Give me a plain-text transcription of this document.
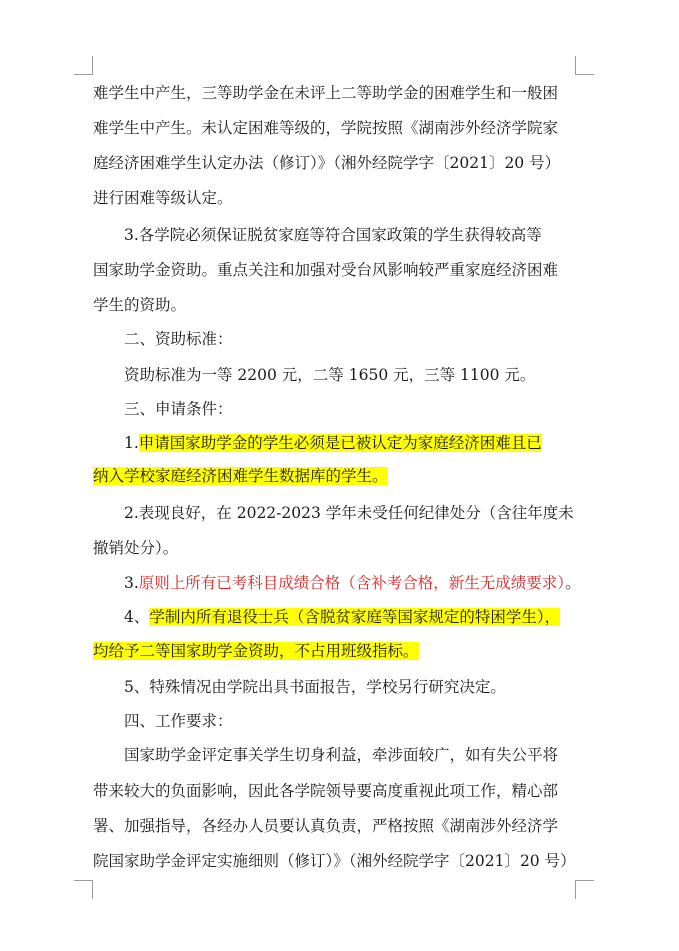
难学生中产生，三等助学金在未评上二等助学金的困难学生和一般困
难学生中产生。未认定困难等级的，学院按照《湖南涉外经济学院家
庭经济困难学生认定办法（修订）》（湘外经院学字〔2021〕20 号）
进行困难等级认定。
3.各学院必须保证脱贫家庭等符合国家政策的学生获得较高等
国家助学金资助。重点关注和加强对受台风影响较严重家庭经济困难
学生的资助。
二、资助标准：
资助标准为一等 2200 元，二等 1650 元，三等 1100 元。
三、申请条件：
1.申请国家助学金的学生必须是已被认定为家庭经济困难且已
纳入学校家庭经济困难学生数据库的学生。
2.表现良好，在 2022-2023 学年未受任何纪律处分（含往年度未
撤销处分）。
3.原则上所有已考科目成绩合格（含补考合格，新生无成绩要求）。
4、学制内所有退役士兵（含脱贫家庭等国家规定的特困学生），
均给予二等国家助学金资助，不占用班级指标。
5、特殊情况由学院出具书面报告，学校另行研究决定。
四、工作要求：
国家助学金评定事关学生切身利益，牵涉面较广，如有失公平将
带来较大的负面影响，因此各学院领导要高度重视此项工作，精心部
署、加强指导，各经办人员要认真负责，严格按照《湖南涉外经济学
院国家助学金评定实施细则（修订）》（湘外经院学字〔2021〕20 号）
